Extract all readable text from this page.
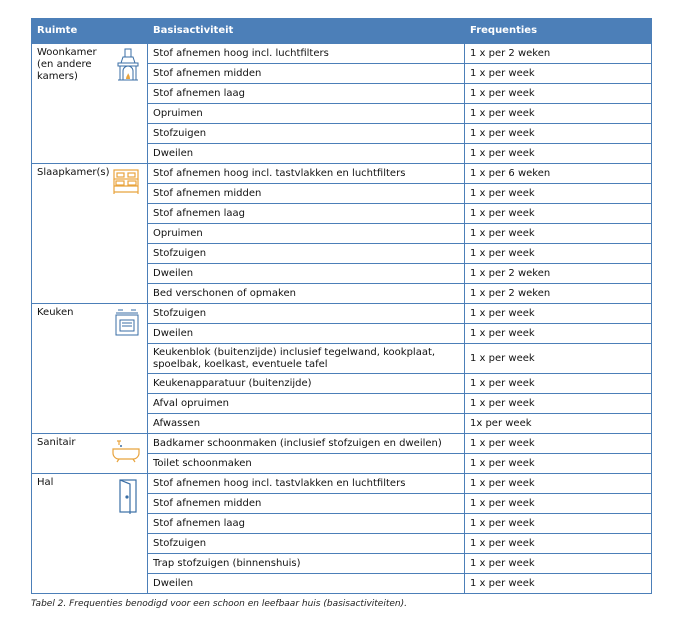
Ruimte	Basisactiviteit	Frequenties

Woonkamer (en andere kamers)	Stof afnemen hoog incl. luchtfilters	1 x per 2 weken
	Stof afnemen midden	1 x per week
	Stof afnemen laag	1 x per week
	Opruimen	1 x per week
	Stofzuigen	1 x per week
	Dweilen	1 x per week

Slaapkamer(s)	Stof afnemen hoog incl. tastvlakken en luchtfilters	1 x per 6 weken
	Stof afnemen midden	1 x per week
	Stof afnemen laag	1 x per week
	Opruimen	1 x per week
	Stofzuigen	1 x per week
	Dweilen	1 x per 2 weken
	Bed verschonen of opmaken	1 x per 2 weken

Keuken	Stofzuigen	1 x per week
	Dweilen	1 x per week
	Keukenblok (buitenzijde) inclusief tegelwand, kookplaat, spoelbak, koelkast, eventuele tafel	1 x per week
	Keukenapparatuur (buitenzijde)	1 x per week
	Afval opruimen	1 x per week
	Afwassen	1x per week

Sanitair	Badkamer schoonmaken (inclusief stofzuigen en dweilen)	1 x per week
	Toilet schoonmaken	1 x per week

Hal	Stof afnemen hoog incl. tastvlakken en luchtfilters	1 x per week
	Stof afnemen midden	1 x per week
	Stof afnemen laag	1 x per week
	Stofzuigen	1 x per week
	Trap stofzuigen (binnenshuis)	1 x per week
	Dweilen	1 x per week
Tabel 2. Frequenties benodigd voor een schoon en leefbaar huis (basisactiviteiten).
